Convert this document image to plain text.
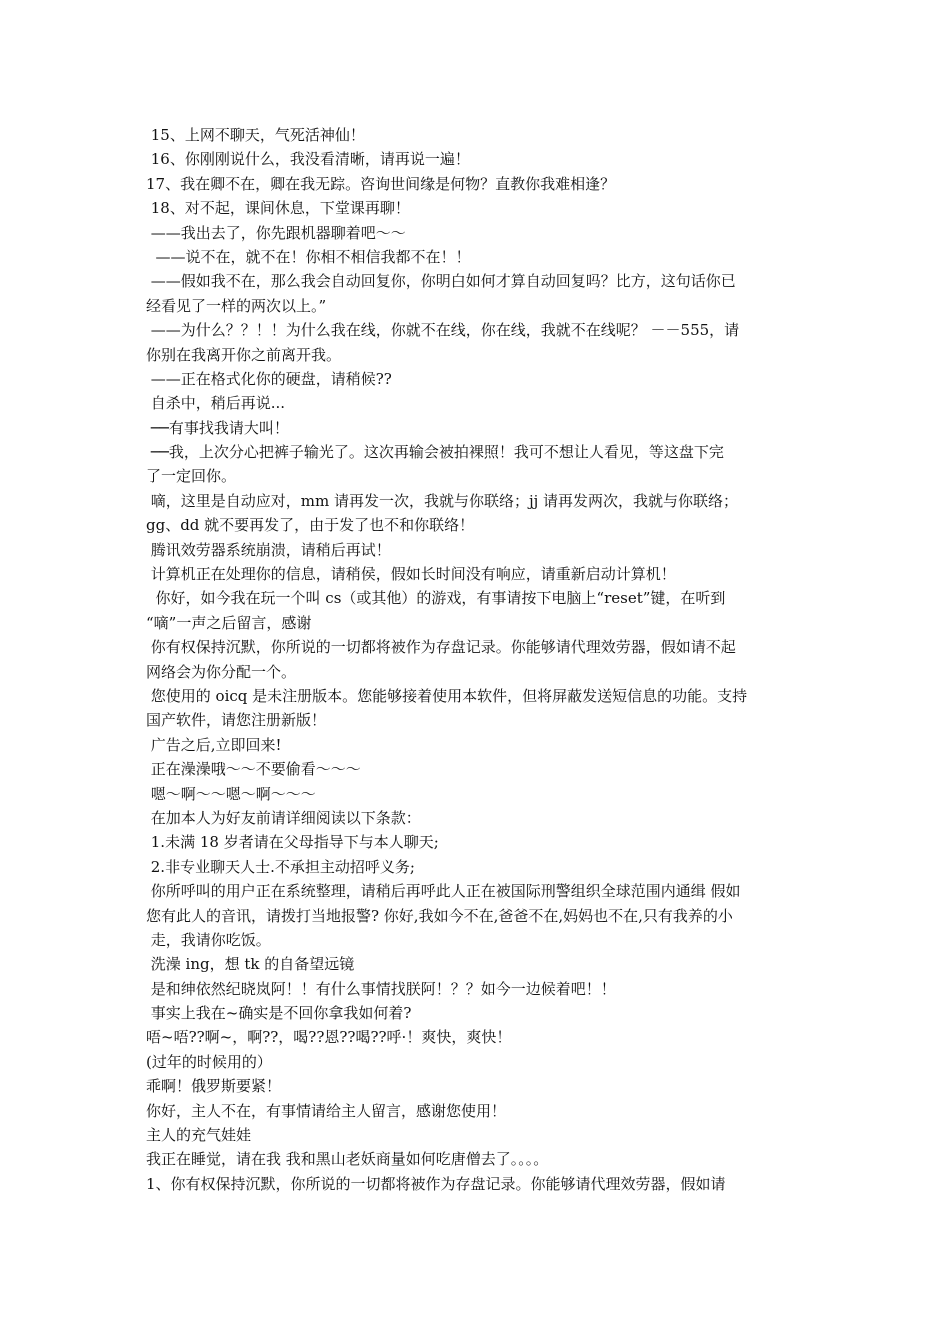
15、上网不聊天，气死活神仙！
16、你刚刚说什么，我没看清晰，请再说一遍！
17、我在卿不在，卿在我无踪。咨询世间缘是何物？直教你我难相逢？
18、对不起，课间休息，下堂课再聊！
——我出去了，你先跟机器聊着吧～～
——说不在，就不在！你相不相信我都不在！！
——假如我不在，那么我会自动回复你，你明白如何才算自动回复吗？比方，这句话你已
经看见了一样的两次以上。”
——为什么？？！！为什么我在线，你就不在线，你在线，我就不在线呢？ －－555，请
你别在我离开你之前离开我。
——正在格式化你的硬盘，请稍候??
自杀中，稍后再说...
──有事找我请大叫！
──我，上次分心把裤子输光了。这次再输会被拍裸照！我可不想让人看见，等这盘下完
了一定回你。
嘀，这里是自动应对，mm 请再发一次，我就与你联络；jj 请再发两次，我就与你联络；
gg、dd 就不要再发了，由于发了也不和你联络！
腾讯效劳器系统崩溃，请稍后再试！
计算机正在处理你的信息，请稍侯，假如长时间没有响应，请重新启动计算机！
你好，如今我在玩一个叫 cs（或其他）的游戏，有事请按下电脑上“reset”键，在听到
“嘀”一声之后留言，感谢
你有权保持沉默，你所说的一切都将被作为存盘记录。你能够请代理效劳器，假如请不起
网络会为你分配一个。
您使用的 oicq 是未注册版本。您能够接着使用本软件，但将屏蔽发送短信息的功能。支持
国产软件，请您注册新版！
广告之后,立即回来!
正在澡澡哦～～不要偷看～～～
嗯～啊～～嗯～啊～～～
在加本人为好友前请详细阅读以下条款：
1.未满 18 岁者请在父母指导下与本人聊天;
2.非专业聊天人士.不承担主动招呼义务;
你所呼叫的用户正在系统整理，请稍后再呼此人正在被国际刑警组织全球范围内通缉 假如
您有此人的音讯，请拨打当地报警? 你好,我如今不在,爸爸不在,妈妈也不在,只有我养的小
走，我请你吃饭。
洗澡 ing，想 tk 的自备望远镜
是和绅依然纪晓岚阿！！有什么事情找朕阿！？？如今一边候着吧！！
事实上我在~确实是不回你拿我如何着?
唔~唔??啊~，啊??，喝??恩??喝??呼·！爽快，爽快！
(过年的时候用的）
乖啊！俄罗斯要紧！
你好，主人不在，有事情请给主人留言，感谢您使用！
主人的充气娃娃
我正在睡觉，请在我 我和黑山老妖商量如何吃唐僧去了。。。。
1、你有权保持沉默，你所说的一切都将被作为存盘记录。你能够请代理效劳器，假如请
